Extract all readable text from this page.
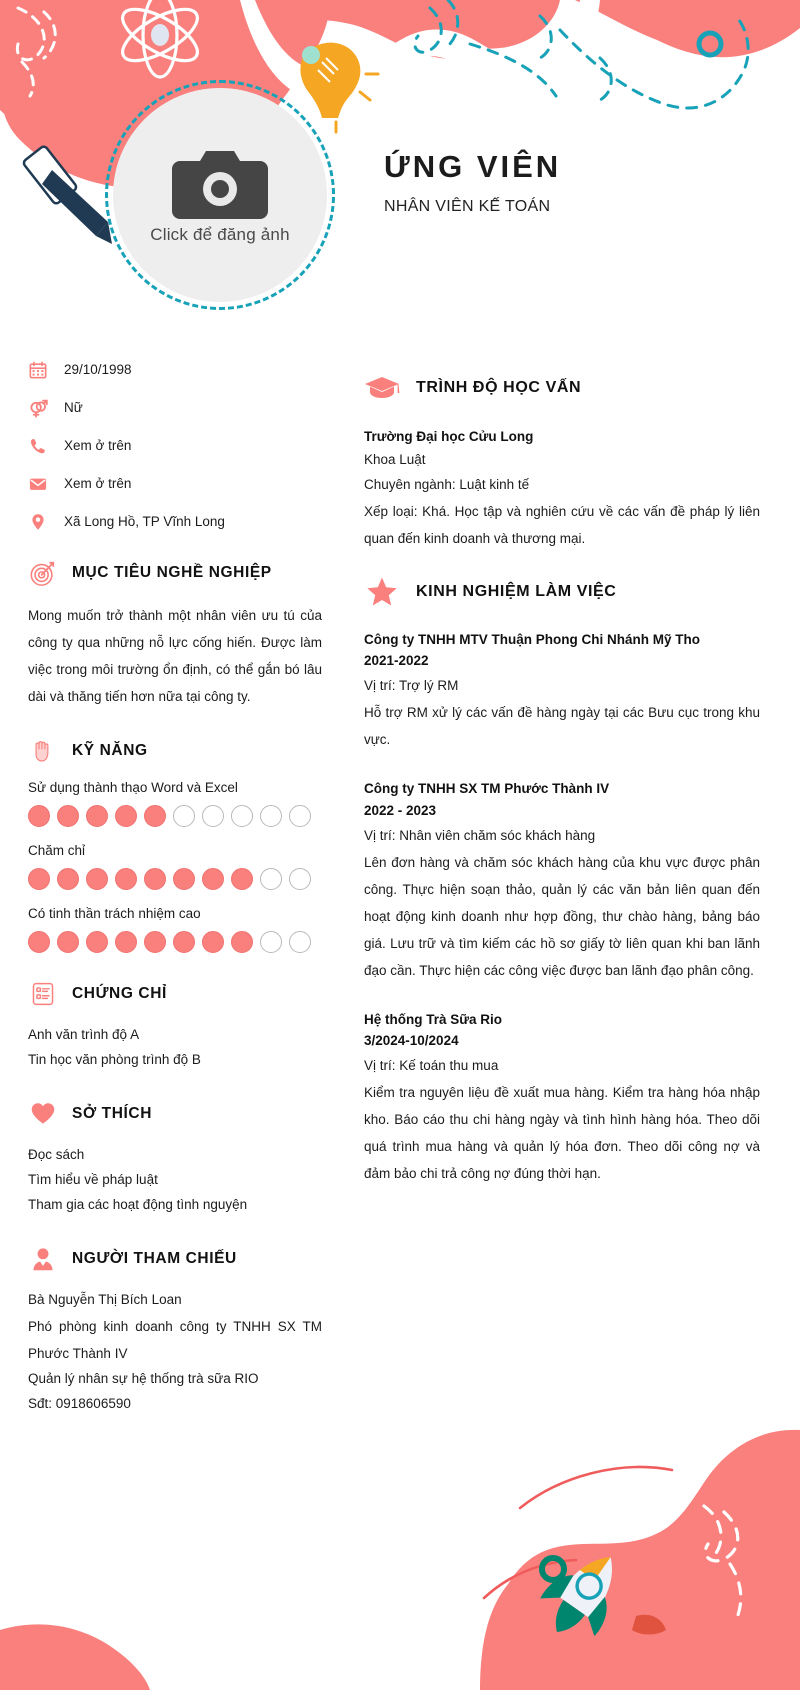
Click để đăng ảnh
ỨNG VIÊN
NHÂN VIÊN KẾ TOÁN
29/10/1998
Nữ
Xem ở trên
Xem ở trên
Xã Long Hồ, TP Vĩnh Long
MỤC TIÊU NGHỀ NGHIỆP
Mong muốn trở thành một nhân viên ưu tú của công ty qua những nỗ lực cống hiến. Được làm việc trong môi trường ổn định, có thể gắn bó lâu dài và thăng tiến hơn nữa tại công ty.
KỸ NĂNG
Sử dụng thành thạo Word và Excel
Chăm chỉ
Có tinh thần trách nhiệm cao
CHỨNG CHỈ
Anh văn trình độ A
Tin học văn phòng trình độ B
SỞ THÍCH
Đọc sách
Tìm hiểu về pháp luật
Tham gia các hoạt động tình nguyện
NGƯỜI THAM CHIẾU
Bà Nguyễn Thị Bích Loan
Phó phòng kinh doanh công ty TNHH SX TM Phước Thành IV
Quản lý nhân sự hệ thống trà sữa RIO
Sđt: 0918606590
TRÌNH ĐỘ HỌC VẤN
Trường Đại học Cửu Long
Khoa Luật
Chuyên ngành: Luật kinh tế
Xếp loại: Khá. Học tập và nghiên cứu về các vấn đề pháp lý liên quan đến kinh doanh và thương mại.
KINH NGHIỆM LÀM VIỆC
Công ty TNHH MTV Thuận Phong Chi Nhánh Mỹ Tho
2021-2022
Vị trí: Trợ lý RM
Hỗ trợ RM xử lý các vấn đề hàng ngày tại các Bưu cục trong khu vực.
Công ty TNHH SX TM Phước Thành IV
2022 - 2023
Vị trí: Nhân viên chăm sóc khách hàng
Lên đơn hàng và chăm sóc khách hàng của khu vực được phân công. Thực hiện soạn thảo, quản lý các văn bản liên quan đến hoạt động kinh doanh như hợp đồng, thư chào hàng, bảng báo giá. Lưu trữ và tìm kiếm các hồ sơ giấy tờ liên quan khi ban lãnh đạo cần. Thực hiện các công việc được ban lãnh đạo phân công.
Hệ thống Trà Sữa Rio
3/2024-10/2024
Vị trí: Kế toán thu mua
Kiểm tra nguyên liệu đề xuất mua hàng. Kiểm tra hàng hóa nhập kho. Báo cáo thu chi hàng ngày và tình hình hàng hóa. Theo dõi quá trình mua hàng và quản lý hóa đơn. Theo dõi công nợ và đảm bảo chi trả công nợ đúng thời hạn.
